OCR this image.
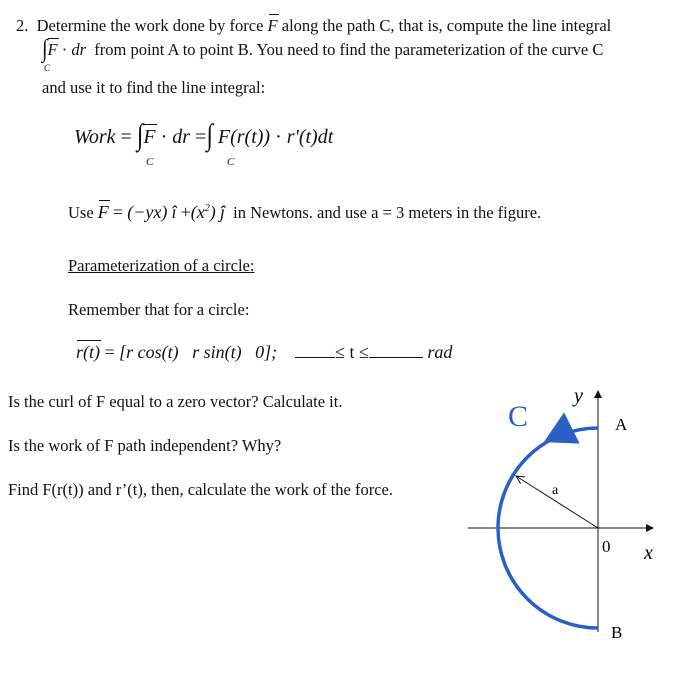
2. Determine the work done by force F along the path C, that is, compute the line integral
∫F · dr from point A to point B. You need to find the parameterization of the curve C
C
and use it to find the line integral:
Work = ∫F · dr =∫ F(r(t)) · r'(t)dt
C	C
Use F = (−yx) î $+(x^2)$ ĵ in Newtons. and use a = 3 meters in the figure.
Parameterization of a circle:
Remember that for a circle:
r(t) = [r cos(t)   r sin(t)   0];	≤ t ≤	rad
Is the curl of F equal to a zero vector? Calculate it.
Is the work of F path independent? Why?
Find F(r(t)) and r’(t), then, calculate the work of the force.
C
y
x
A
B
0
a
